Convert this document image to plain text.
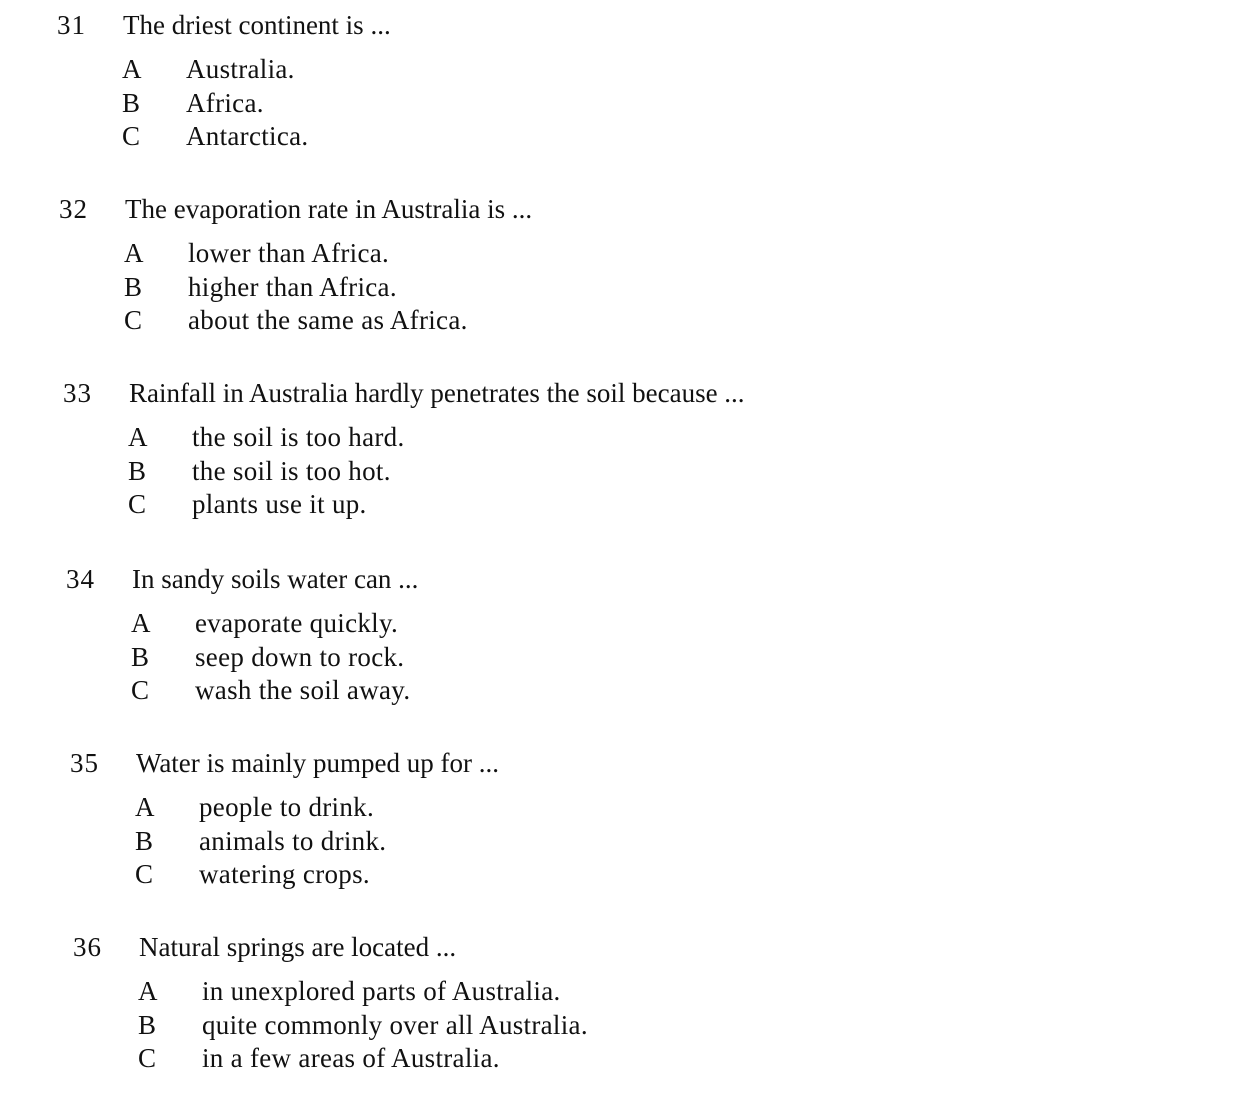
31 The driest continent is ...
A Australia.
B Africa.
C Antarctica.
32 The evaporation rate in Australia is ...
A lower than Africa.
B higher than Africa.
C about the same as Africa.
33 Rainfall in Australia hardly penetrates the soil because ...
A the soil is too hard.
B the soil is too hot.
C plants use it up.
34 In sandy soils water can ...
A evaporate quickly.
B seep down to rock.
C wash the soil away.
35 Water is mainly pumped up for ...
A people to drink.
B animals to drink.
C watering crops.
36 Natural springs are located ...
A in unexplored parts of Australia.
B quite commonly over all Australia.
C in a few areas of Australia.
